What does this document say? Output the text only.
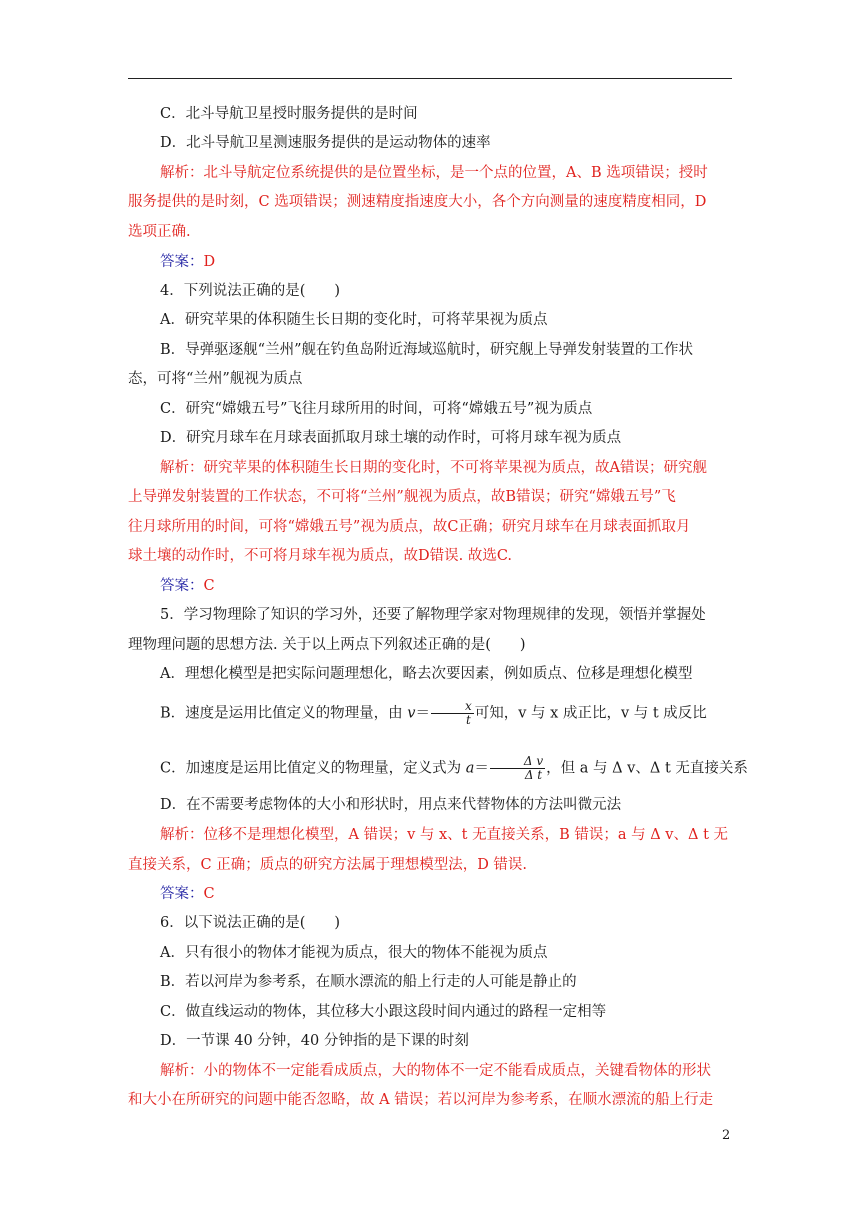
C．北斗导航卫星授时服务提供的是时间
D．北斗导航卫星测速服务提供的是运动物体的速率
解析：北斗导航定位系统提供的是位置坐标，是一个点的位置，A、B 选项错误；授时
服务提供的是时刻，C 选项错误；测速精度指速度大小，各个方向测量的速度精度相同，D
选项正确.
答案：D
4．下列说法正确的是(　　)
A．研究苹果的体积随生长日期的变化时，可将苹果视为质点
B．导弹驱逐舰“兰州”舰在钓鱼岛附近海域巡航时，研究舰上导弹发射装置的工作状
态，可将“兰州”舰视为质点
C．研究“嫦娥五号”飞往月球所用的时间，可将“嫦娥五号”视为质点
D．研究月球车在月球表面抓取月球土壤的动作时，可将月球车视为质点
解析：研究苹果的体积随生长日期的变化时，不可将苹果视为质点，故A错误；研究舰
上导弹发射装置的工作状态，不可将“兰州”舰视为质点，故B错误；研究“嫦娥五号”飞
往月球所用的时间，可将“嫦娥五号”视为质点，故C正确；研究月球车在月球表面抓取月
球土壤的动作时，不可将月球车视为质点，故D错误. 故选C.
答案：C
5．学习物理除了知识的学习外，还要了解物理学家对物理规律的发现，领悟并掌握处
理物理问题的思想方法. 关于以上两点下列叙述正确的是(　　)
A．理想化模型是把实际问题理想化，略去次要因素，例如质点、位移是理想化模型
B．速度是运用比值定义的物理量，由 $v= \frac{x}{t}$ 可知，v 与 x 成正比，v 与 t 成反比
C．加速度是运用比值定义的物理量，定义式为 $a= \frac{\text{Δ v}}{\text{Δ t}}$ ，但 a 与 Δ v、Δ t 无直接关系
D．在不需要考虑物体的大小和形状时，用点来代替物体的方法叫微元法
解析：位移不是理想化模型，A 错误；v 与 x、t 无直接关系，B 错误；a 与 Δ v、Δ t 无
直接关系，C 正确；质点的研究方法属于理想模型法，D 错误.
答案：C
6．以下说法正确的是(　　)
A．只有很小的物体才能视为质点，很大的物体不能视为质点
B．若以河岸为参考系，在顺水漂流的船上行走的人可能是静止的
C．做直线运动的物体，其位移大小跟这段时间内通过的路程一定相等
D．一节课 40 分钟，40 分钟指的是下课的时刻
解析：小的物体不一定能看成质点，大的物体不一定不能看成质点，关键看物体的形状
和大小在所研究的问题中能否忽略，故 A 错误；若以河岸为参考系，在顺水漂流的船上行走
2
